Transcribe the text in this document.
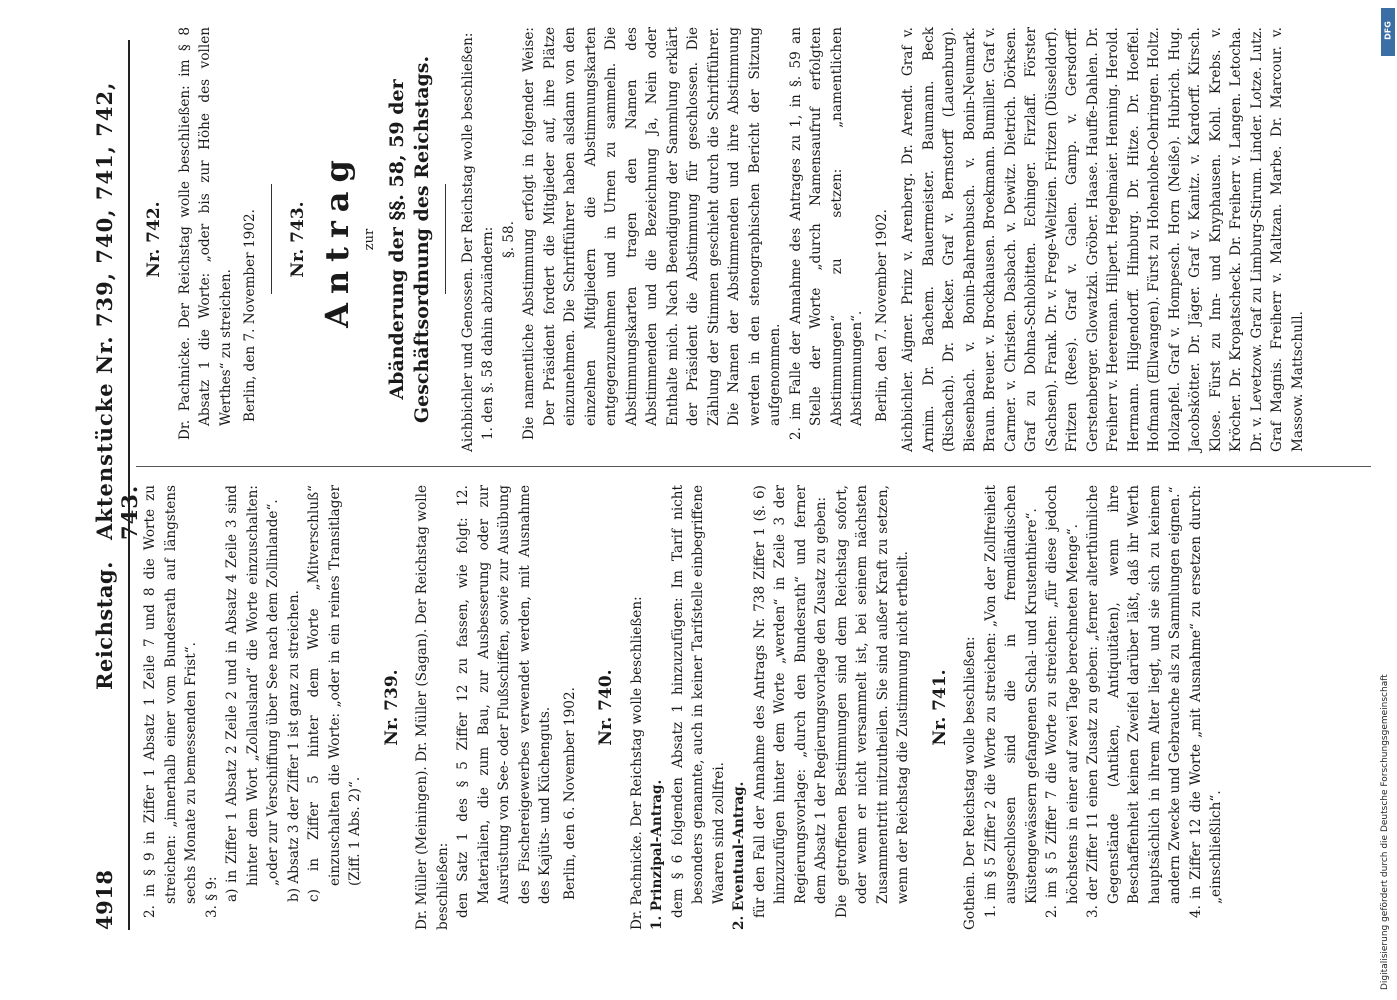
4918
Reichstag.
Aktenstücke Nr. 739, 740, 741, 742, 743. 2. in § 9 in Ziffer 1 Absatz 1 Zeile 7 und 8 die Worte zu streichen: „innerhalb einer vom Bundesrath auf längstens sechs Monate zu bemessenden Frist“. 3. § 9: a) in Ziffer 1 Absatz 2 Zeile 2 und in Absatz 4 Zeile 3 sind hinter dem Wort „Zollausland“ die Worte einzuschalten: „oder zur Verschiffung über See nach dem Zollinlande“. b) Absatz 3 der Ziffer 1 ist ganz zu streichen. c) in Ziffer 5 hinter dem Worte „Mitverschluß“ einzuschalten die Worte: „oder in ein reines Transitlager (Ziff. 1 Abs. 2)“.

Nr. 739. Dr. Müller (Meiningen). Dr. Müller (Sagan). Der Reichstag wolle beschließen: den Satz 1 des § 5 Ziffer 12 zu fassen, wie folgt: 12. Materialien, die zum Bau, zur Ausbesserung oder zur Ausrüstung von See- oder Flußschiffen, sowie zur Ausübung des Fischereigewerbes verwendet werden, mit Ausnahme des Kajüts- und Küchenguts. Berlin, den 6. November 1902. Nr. 740. Dr. Pachnicke. Der Reichstag wolle beschließen: 1. Prinzipal-Antrag. dem § 6 folgenden Absatz 1 hinzuzufügen: Im Tarif nicht besonders genannte, auch in keiner Tarifstelle einbegriffene Waaren sind zollfrei. 2. Eventual-Antrag. für den Fall der Annahme des Antrags Nr. 738 Ziffer 1 (§. 6) hinzuzufügen hinter dem Worte „werden“ in Zeile 3 der Regierungsvorlage: „durch den Bundesrath“ und ferner dem Absatz 1 der Regierungsvorlage den Zusatz zu geben: Die getroffenen Bestimmungen sind dem Reichstag sofort, oder wenn er nicht versammelt ist, bei seinem nächsten Zusammentritt mitzutheilen. Sie sind außer Kraft zu setzen, wenn der Reichstag die Zustimmung nicht ertheilt. Nr. 741. Gothein. Der Reichstag wolle beschließen: 1. im § 5 Ziffer 2 die Worte zu streichen: „Von der Zollfreiheit ausgeschlossen sind die in fremdländischen Küstengewässern gefangenen Schal- und Krustenthiere“. 2. im § 5 Ziffer 7 die Worte zu streichen: „für diese jedoch höchstens in einer auf zwei Tage berechneten Menge“. 3. der Ziffer 11 einen Zusatz zu geben: „ferner alterthümliche Gegenstände (Antiken, Antiquitäten), wenn ihre Beschaffenheit keinen Zweifel darüber läßt, daß ihr Werth hauptsächlich in ihrem Alter liegt, und sie sich zu keinem andern Zwecke und Gebrauche als zu Sammlungen eignen.“ 4. in Ziffer 12 die Worte „mit Ausnahme“ zu ersetzen durch: „einschließlich“.

Nr. 742. Dr. Pachnicke. Der Reichstag wolle beschließen: im § 8 Absatz 1 die Worte: „oder bis zur Höhe des vollen Werthes“ zu streichen. Berlin, den 7. November 1902. Nr. 743. Antrag zur Abänderung der §§. 58, 59 der Geschäftsordnung des Reichstags. Aichbichler und Genossen. Der Reichstag wolle beschließen: 1. den §. 58 dahin abzuändern: §. 58. Die namentliche Abstimmung erfolgt in folgender Weise: Der Präsident fordert die Mitglieder auf, ihre Plätze einzunehmen. Die Schriftführer haben alsdann von den einzelnen Mitgliedern die Abstimmungskarten entgegenzunehmen und in Urnen zu sammeln. Die Abstimmungskarten tragen den Namen des Abstimmenden und die Bezeichnung Ja, Nein oder Enthalte mich. Nach Beendigung der Sammlung erklärt der Präsident die Abstimmung für geschlossen. Die Zählung der Stimmen geschieht durch die Schriftführer. Die Namen der Abstimmenden und ihre Abstimmung werden in den stenographischen Bericht der Sitzung aufgenommen. 2. im Falle der Annahme des Antrages zu 1, in §. 59 an Stelle der Worte „durch Namensaufruf erfolgten Abstimmungen“ zu setzen: „namentlichen Abstimmungen“. Berlin, den 7. November 1902. Aichbichler. Aigner. Prinz v. Arenberg. Dr. Arendt. Graf v. Arnim. Dr. Bachem. Bauermeister. Baumann. Beck (Rischach). Dr. Becker. Graf v. Bernstorff (Lauenburg). Biesenbach. v. Bonin-Bahrenbusch. v. Bonin-Neumark. Braun. Breuer. v. Brockhausen. Broekmann. Bumiller. Graf v. Carmer. v. Christen. Dasbach. v. Dewitz. Dietrich. Dörksen. Graf zu Dohna-Schlobitten. Echinger. Firzlaff. Förster (Sachsen). Frank. Dr. v. Frege-Weltzien. Fritzen (Düsseldorf). Fritzen (Rees). Graf v. Galen. Gamp. v. Gersdorff. Gerstenberger. Glowatzki. Gröber. Haase. Hauffe-Dahlen. Dr. Freiherr v. Heereman. Hilpert. Hegelmaier. Henning. Herold. Hermann. Hilgendorff. Himburg. Dr. Hitze. Dr. Hoeffel. Hofmann (Ellwangen). Fürst zu Hohenlohe-Oehringen. Holtz. Holzapfel. Graf v. Hompesch. Horn (Neiße). Hubrich. Hug. Jacobskötter. Dr. Jäger. Graf v. Kanitz. v. Kardorff. Kirsch. Klose. Fürst zu Inn- und Knyphausen. Kohl. Krebs. v. Kröcher. Dr. Kropatscheck. Dr. Freiherr v. Langen. Letocha. Dr. v. Levetzow. Graf zu Limburg-Stirum. Linder. Lotze. Lutz. Graf Magnis. Freiherr v. Maltzan. Marbe. Dr. Marcour. v. Massow. Mattschull.

Digitalisierung gefördert durch die Deutsche Forschungsgemeinschaft
DFG
